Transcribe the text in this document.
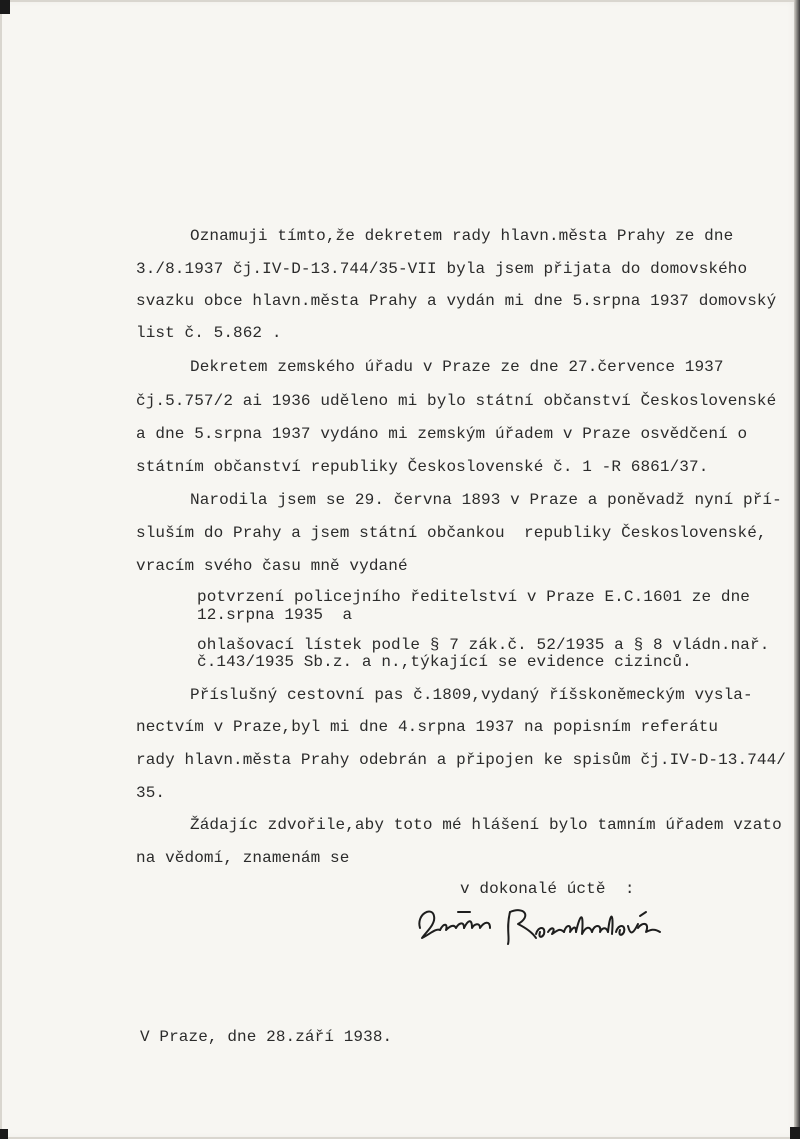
Oznamuji tímto,že dekretem rady hlavn.města Prahy ze dne
3./8.1937 čj.IV-D-13.744/35-VII byla jsem přijata do domovského
svazku obce hlavn.města Prahy a vydán mi dne 5.srpna 1937 domovský
list č. 5.862 .
Dekretem zemského úřadu v Praze ze dne 27.července 1937
čj.5.757/2 ai 1936 uděleno mi bylo státní občanství Československé
a dne 5.srpna 1937 vydáno mi zemským úřadem v Praze osvědčení o
státním občanství republiky Československé č. 1 -R 6861/37.
Narodila jsem se 29. června 1893 v Praze a poněvadž nyní pří-
sluším do Prahy a jsem státní občankou  republiky Československé,
vracím svého času mně vydané
potvrzení policejního ředitelství v Praze E.C.1601 ze dne
12.srpna 1935  a
ohlašovací lístek podle § 7 zák.č. 52/1935 a § 8 vládn.nař.
č.143/1935 Sb.z. a n.,týkající se evidence cizinců.
Příslušný cestovní pas č.1809,vydaný říšskoněmeckým vysla-
nectvím v Praze,byl mi dne 4.srpna 1937 na popisním referátu
rady hlavn.města Prahy odebrán a připojen ke spisům čj.IV-D-13.744/
35.
Žádajíc zdvořile,aby toto mé hlášení bylo tamním úřadem vzato
na vědomí, znamenám se
v dokonalé úctě  :
V Praze, dne 28.září 1938.
